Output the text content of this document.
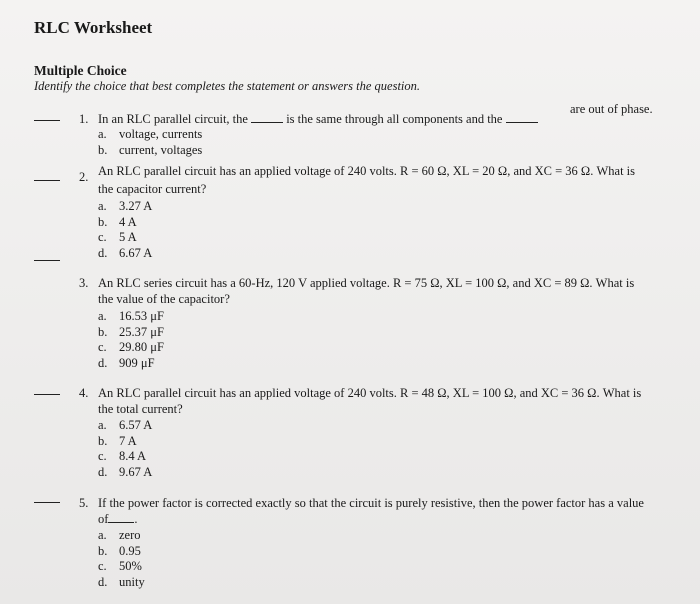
RLC Worksheet
Multiple Choice
Identify the choice that best completes the statement or answers the question.
1. In an RLC parallel circuit, the	is the same through all components and the
are out of phase.
a. voltage, currents
b. current, voltages
2. An RLC parallel circuit has an applied voltage of 240 volts. R = 60 Ω, XL = 20 Ω, and XC = 36 Ω. What is
the capacitor current?
a. 3.27 A
b. 4 A
c. 5 A
d. 6.67 A
3. An RLC series circuit has a 60-Hz, 120 V applied voltage. R = 75 Ω, XL = 100 Ω, and XC = 89 Ω. What is
the value of the capacitor?
a. 16.53 μF
b. 25.37 μF
c. 29.80 μF
d. 909 μF
4. An RLC parallel circuit has an applied voltage of 240 volts. R = 48 Ω, XL = 100 Ω, and XC = 36 Ω. What is
the total current?
a. 6.57 A
b. 7 A
c. 8.4 A
d. 9.67 A
5. If the power factor is corrected exactly so that the circuit is purely resistive, then the power factor has a value
of .
a. zero
b. 0.95
c. 50%
d. unity
